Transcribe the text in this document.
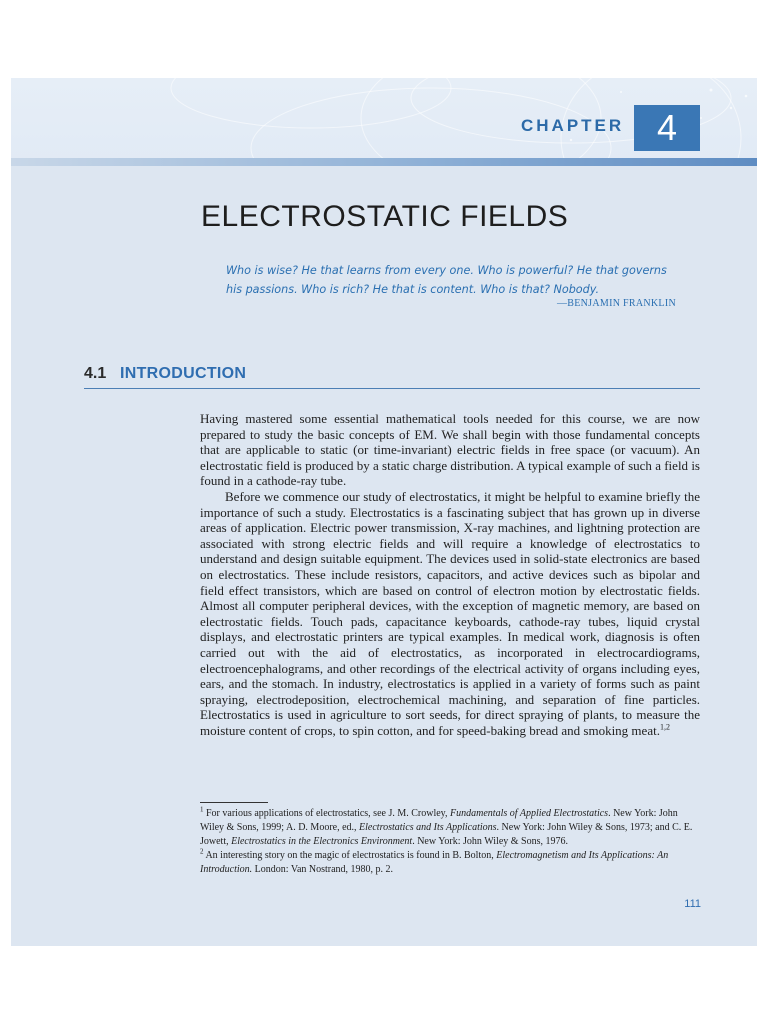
CHAPTER 4
ELECTROSTATIC FIELDS
Who is wise? He that learns from every one. Who is powerful? He that governs his passions. Who is rich? He that is content. Who is that? Nobody.
—BENJAMIN FRANKLIN
4.1 INTRODUCTION

Having mastered some essential mathematical tools needed for this course, we are now prepared to study the basic concepts of EM. We shall begin with those fundamental concepts that are applicable to static (or time-invariant) electric fields in free space (or vacuum). An electrostatic field is produced by a static charge distribution. A typical example of such a field is found in a cathode-ray tube.

Before we commence our study of electrostatics, it might be helpful to examine briefly the importance of such a study. Electrostatics is a fascinating subject that has grown up in diverse areas of application. Electric power transmission, X-ray machines, and lightning protection are associated with strong electric fields and will require a knowledge of electrostatics to understand and design suitable equipment. The devices used in solid-state electronics are based on electrostatics. These include resistors, capacitors, and active devices such as bipolar and field effect transistors, which are based on control of electron motion by electrostatic fields. Almost all computer peripheral devices, with the exception of magnetic memory, are based on electrostatic fields. Touch pads, capacitance keyboards, cathode-ray tubes, liquid crystal displays, and electrostatic printers are typical examples. In medical work, diagnosis is often carried out with the aid of electrostatics, as incorporated in electrocardiograms, electroencephalograms, and other recordings of the electrical activity of organs including eyes, ears, and the stomach. In industry, electrostatics is applied in a variety of forms such as paint spraying, electrodeposition, electrochemical machining, and separation of fine particles. Electrostatics is used in agriculture to sort seeds, for direct spraying of plants, to measure the moisture content of crops, to spin cotton, and for speed-baking bread and smoking meat.$^{1,2}$

$^1$ For various applications of electrostatics, see J. M. Crowley, Fundamentals of Applied Electrostatics. New York: John Wiley & Sons, 1999; A. D. Moore, ed., Electrostatics and Its Applications. New York: John Wiley & Sons, 1973; and C. E. Jowett, Electrostatics in the Electronics Environment. New York: John Wiley & Sons, 1976.

$^2$ An interesting story on the magic of electrostatics is found in B. Bolton, Electromagnetism and Its Applications: An Introduction. London: Van Nostrand, 1980, p. 2.

111
